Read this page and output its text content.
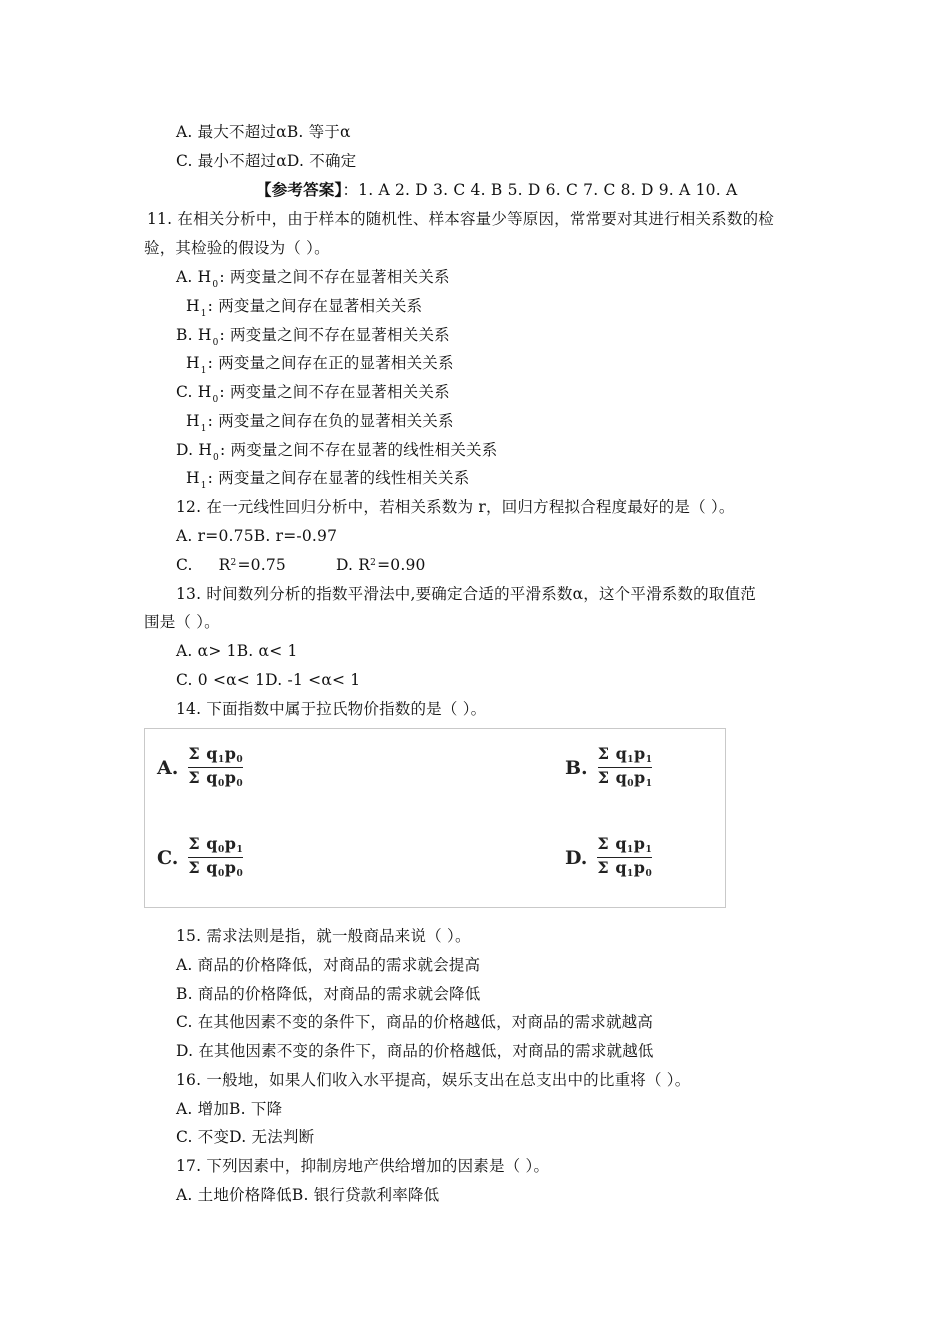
A. 最大不超过αB. 等于α
C. 最小不超过αD. 不确定
【参考答案】：1. A 2. D 3. C 4. B 5. D 6. C 7. C 8. D 9. A 10. A
11. 在相关分析中，由于样本的随机性、样本容量少等原因，常常要对其进行相关系数的检
验，其检验的假设为（ ）。
A. $H_0$: 两变量之间不存在显著相关关系
$H_1$: 两变量之间存在显著相关关系
B. $H_0$: 两变量之间不存在显著相关关系
$H_1$: 两变量之间存在正的显著相关关系
C. $H_0$: 两变量之间不存在显著相关关系
$H_1$: 两变量之间存在负的显著相关关系
D. $H_0$: 两变量之间不存在显著的线性相关关系
$H_1$: 两变量之间存在显著的线性相关关系
12. 在一元线性回归分析中，若相关系数为 r，回归方程拟合程度最好的是（ ）。
A. r=0.75B. r=-0.97
C. $R^2=0.75$	D. $R^2=0.90$
13. 时间数列分析的指数平滑法中,要确定合适的平滑系数α，这个平滑系数的取值范
围是（ ）。
A. α> 1B. α< 1
C. 0 <α< 1D. -1 <α< 1
14. 下面指数中属于拉氏物价指数的是（ ）。
A. $\frac{\text{Σ q1p0}}{\text{Σ q0p0}}$	B. $\frac{\text{Σ q1p1}}{\text{Σ q0p1}}$
C. $\frac{\text{Σ q0p1}}{\text{Σ q0p0}}$	D. $\frac{\text{Σ q1p1}}{\text{Σ q1p0}}$
15. 需求法则是指，就一般商品来说（ ）。
A. 商品的价格降低，对商品的需求就会提高
B. 商品的价格降低，对商品的需求就会降低
C. 在其他因素不变的条件下，商品的价格越低，对商品的需求就越高
D. 在其他因素不变的条件下，商品的价格越低，对商品的需求就越低
16. 一般地，如果人们收入水平提高，娱乐支出在总支出中的比重将（ ）。
A. 增加B. 下降
C. 不变D. 无法判断
17. 下列因素中，抑制房地产供给增加的因素是（ ）。
A. 土地价格降低B. 银行贷款利率降低
